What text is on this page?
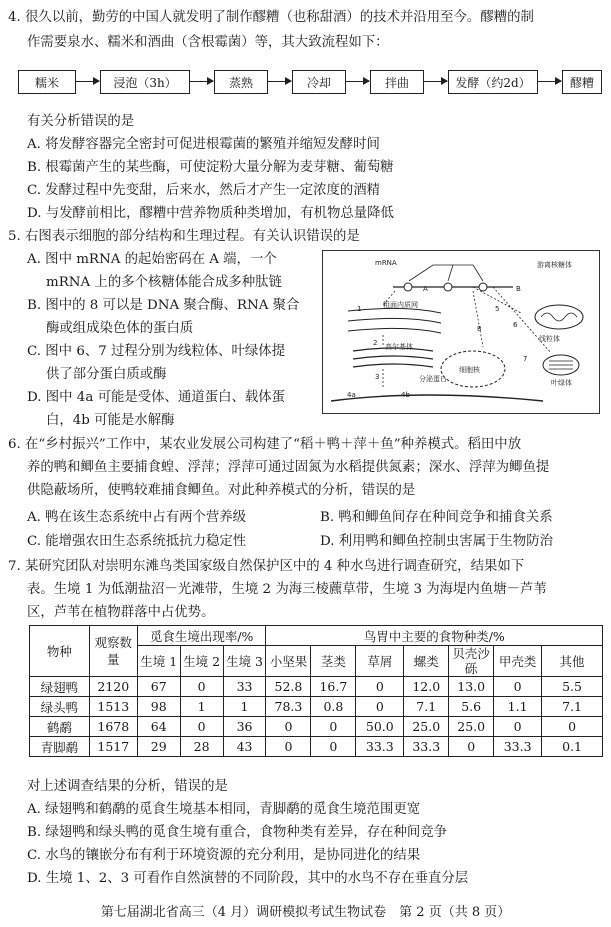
4. 很久以前，勤劳的中国人就发明了制作醪糟（也称甜酒）的技术并沿用至今。醪糟的制
作需要泉水、糯米和酒曲（含根霉菌）等，其大致流程如下：
糯米	浸泡（3h）	蒸熟	冷却	拌曲	发酵（约2d）	醪糟
有关分析错误的是
A. 将发酵容器完全密封可促进根霉菌的繁殖并缩短发酵时间
B. 根霉菌产生的某些酶，可使淀粉大量分解为麦芽糖、葡萄糖
C. 发酵过程中先变甜，后来水，然后才产生一定浓度的酒精
D. 与发酵前相比，醪糟中营养物质种类增加，有机物总量降低
5. 右图表示细胞的部分结构和生理过程。有关认识错误的是
A. 图中 mRNA 的起始密码在 A 端，一个
mRNA 上的多个核糖体能合成多种肽链
B. 图中的 8 可以是 DNA 聚合酶、RNA 聚合
酶或组成染色体的蛋白质
C. 图中 6、7 过程分别为线粒体、叶绿体提
供了部分蛋白质或酶
D. 图中 4a 可能是受体、通道蛋白、载体蛋
白，4b 可能是水解酶
mRNA
A	B
游离核糖体
粗面内质网
1
2 高尔基体
3
4a	4b
分泌蛋白
线粒体
6
叶绿体
7
细胞核
8
5
6. 在“乡村振兴”工作中，某农业发展公司构建了“稻＋鸭＋萍＋鱼”种养模式。稻田中放
养的鸭和鲫鱼主要捕食蝗、浮萍；浮萍可通过固氮为水稻提供氮素；深水、浮萍为鲫鱼提
供隐蔽场所，使鸭较难捕食鲫鱼。对此种养模式的分析，错误的是
A. 鸭在该生态系统中占有两个营养级	B. 鸭和鲫鱼间存在种间竞争和捕食关系
C. 能增强农田生态系统抵抗力稳定性	D. 利用鸭和鲫鱼控制虫害属于生物防治
7. 某研究团队对崇明东滩鸟类国家级自然保护区中的 4 种水鸟进行调查研究，结果如下
表。生境 1 为低潮盐沼－光滩带，生境 2 为海三棱藨草带，生境 3 为海堤内鱼塘－芦苇
区，芦苇在植物群落中占优势。
物种	观察数量	觅食生境出现率/%			鸟胃中主要的食物种类/%						
		生境 1	生境 2	生境 3	小坚果	茎类	草屑	螺类	贝壳沙砾	甲壳类	其他
绿翅鸭	2120	67	0	33	52.8	16.7	0	12.0	13.0	0	5.5
绿头鸭	1513	98	1	1	78.3	0.8	0	7.1	5.6	1.1	7.1
鹤鹬	1678	64	0	36	0	0	50.0	25.0	25.0	0	0
青脚鹬	1517	29	28	43	0	0	33.3	33.3	0	33.3	0.1
对上述调查结果的分析，错误的是
A. 绿翅鸭和鹤鹬的觅食生境基本相同，青脚鹬的觅食生境范围更宽
B. 绿翅鸭和绿头鸭的觅食生境有重合，食物种类有差异，存在种间竞争
C. 水鸟的镶嵌分布有利于环境资源的充分利用，是协同进化的结果
D. 生境 1、2、3 可看作自然演替的不同阶段，其中的水鸟不存在垂直分层
第七届湖北省高三（4 月）调研模拟考试生物试卷　第 2 页（共 8 页）
